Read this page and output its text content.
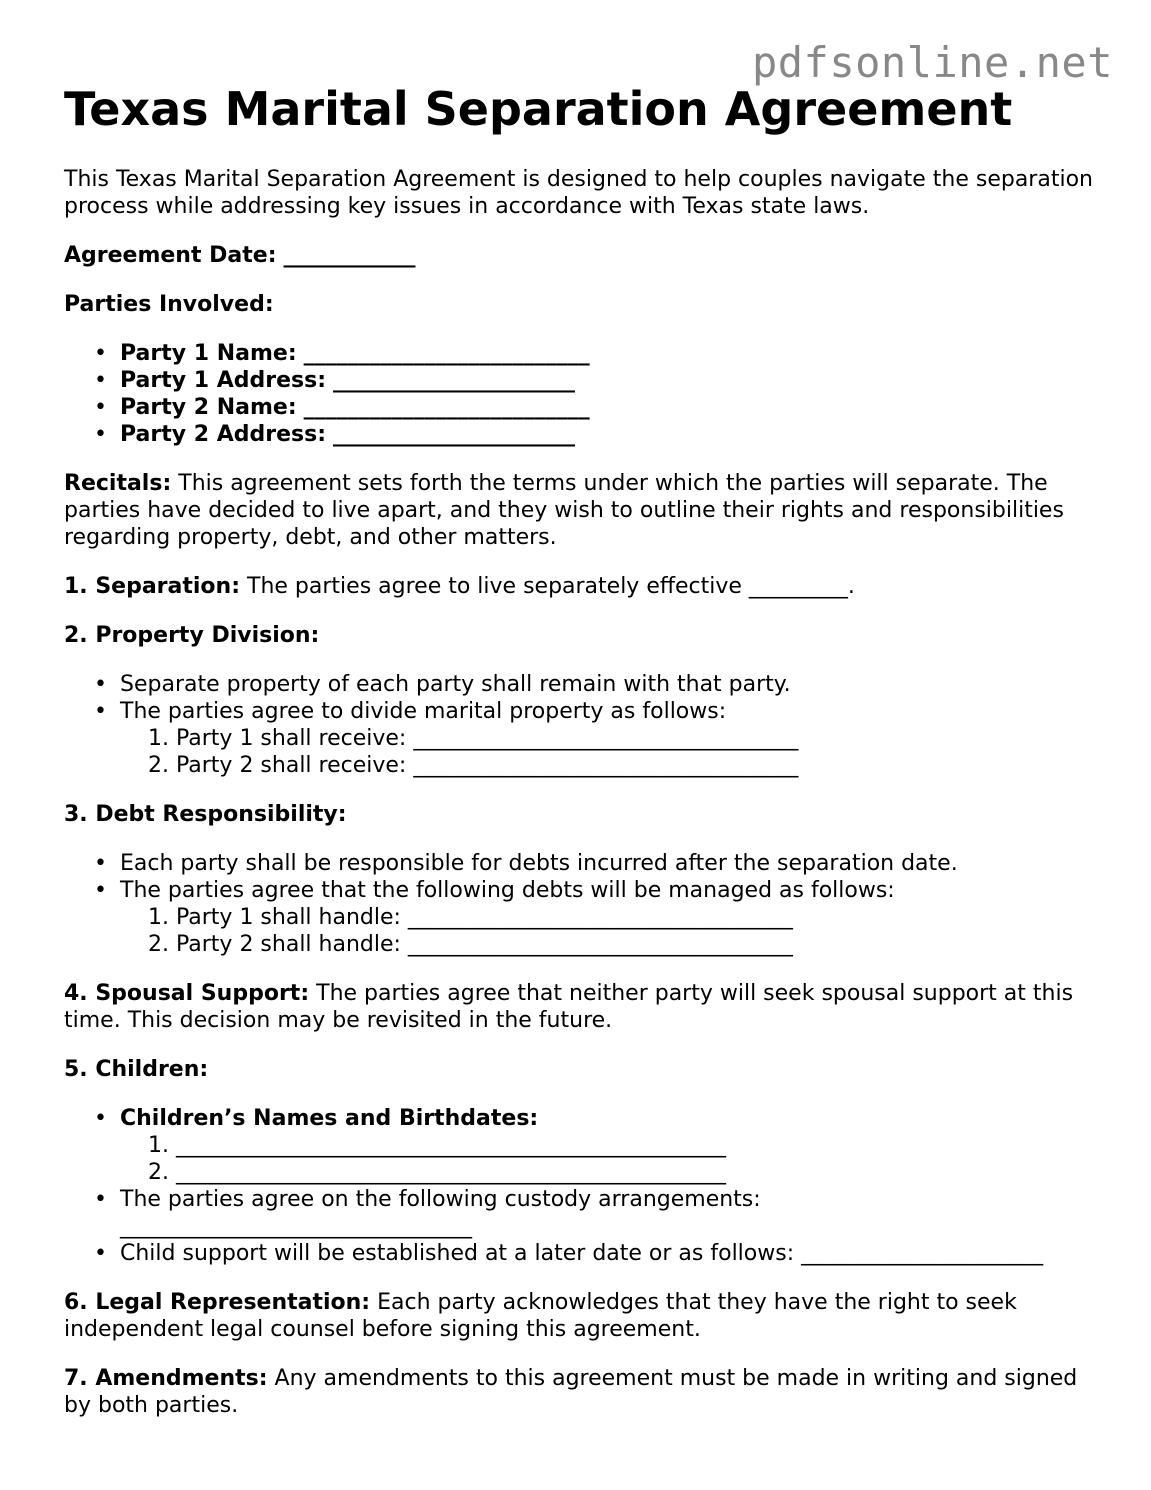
pdfsonline.net
Texas Marital Separation Agreement

This Texas Marital Separation Agreement is designed to help couples navigate the separation process while addressing key issues in accordance with Texas state laws.

Agreement Date: ____________

Parties Involved:

• Party 1 Name: __________________________
• Party 1 Address: ______________________
• Party 2 Name: __________________________
• Party 2 Address: ______________________

Recitals: This agreement sets forth the terms under which the parties will separate. The parties have decided to live apart, and they wish to outline their rights and responsibilities regarding property, debt, and other matters.

1. Separation: The parties agree to live separately effective _________.

2. Property Division:

• Separate property of each party shall remain with that party.
• The parties agree to divide marital property as follows:
1. Party 1 shall receive: ___________________________________
2. Party 2 shall receive: ___________________________________

3. Debt Responsibility:

• Each party shall be responsible for debts incurred after the separation date.
• The parties agree that the following debts will be managed as follows:
1. Party 1 shall handle: ___________________________________
2. Party 2 shall handle: ___________________________________

4. Spousal Support: The parties agree that neither party will seek spousal support at this time. This decision may be revisited in the future.

5. Children:

• Children’s Names and Birthdates:
1. __________________________________________________
2. __________________________________________________
• The parties agree on the following custody arrangements:
________________________________
• Child support will be established at a later date or as follows: ______________________

6. Legal Representation: Each party acknowledges that they have the right to seek independent legal counsel before signing this agreement.

7. Amendments: Any amendments to this agreement must be made in writing and signed by both parties.
